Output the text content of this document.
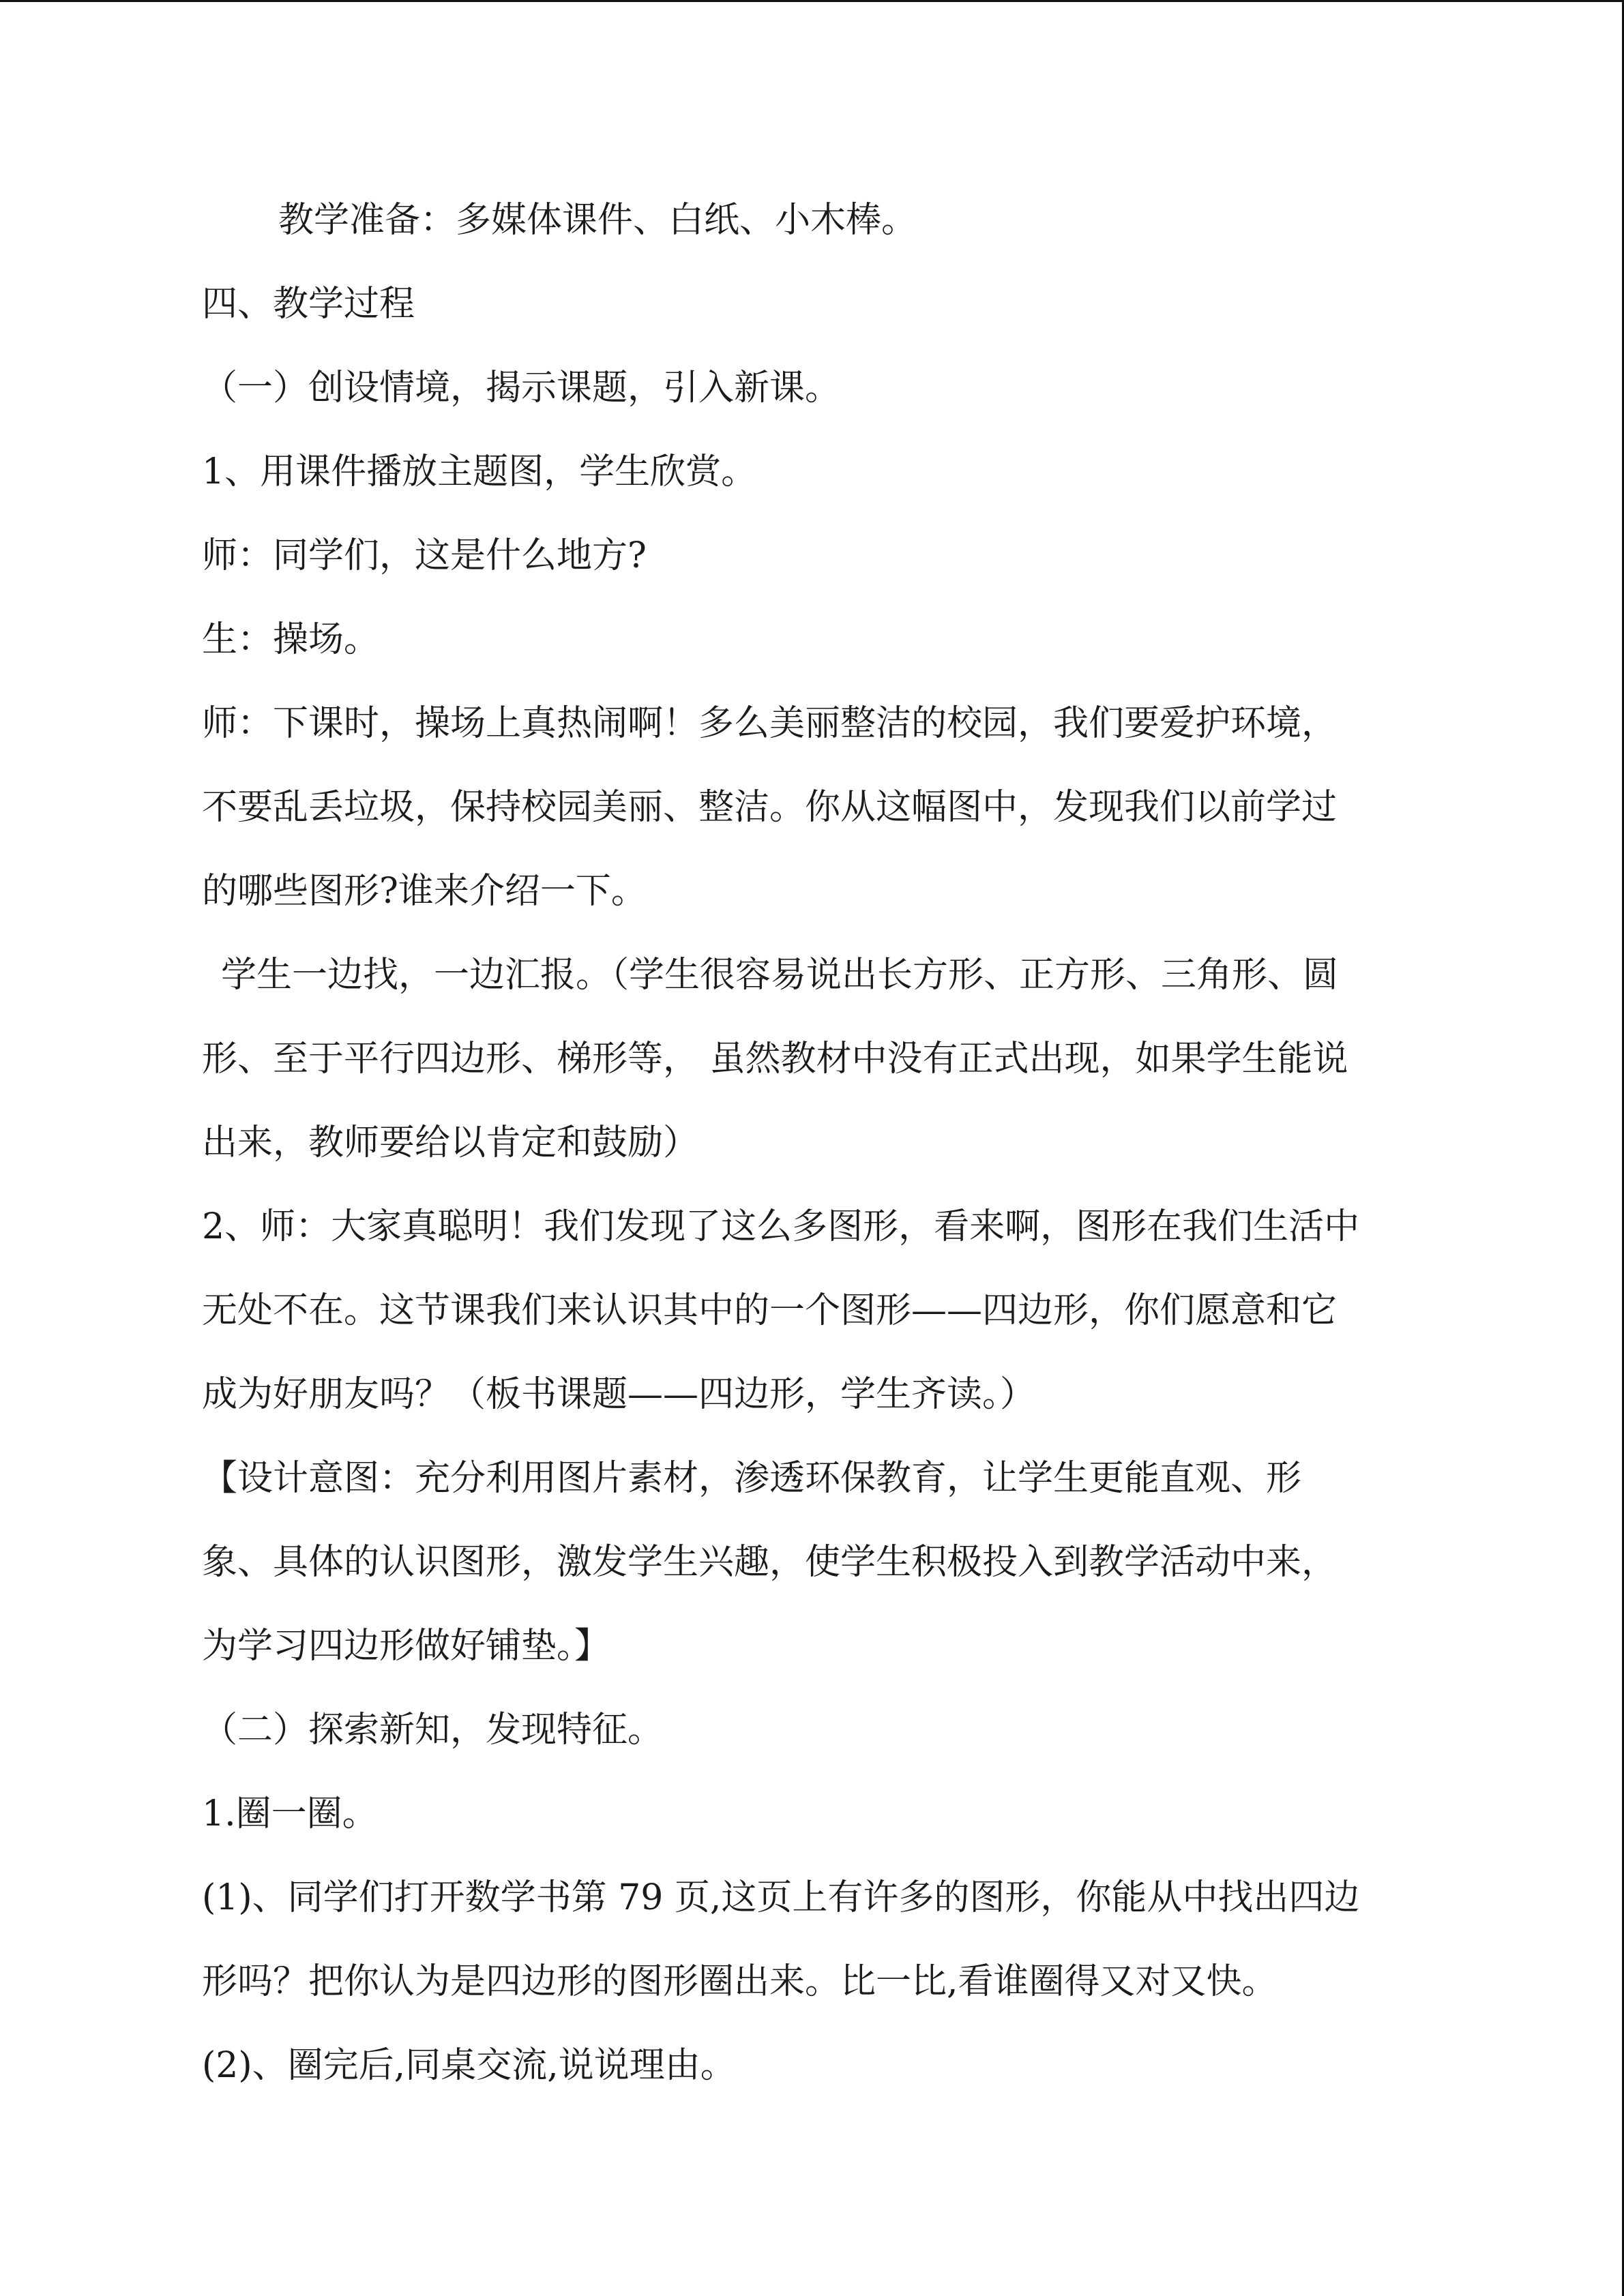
教学准备：多媒体课件、白纸、小木棒。
四、教学过程
（一）创设情境，揭示课题，引入新课。
1、用课件播放主题图，学生欣赏。
师：同学们，这是什么地方?
生：操场。
师：下课时，操场上真热闹啊！多么美丽整洁的校园，我们要爱护环境，
不要乱丢垃圾，保持校园美丽、整洁。你从这幅图中，发现我们以前学过
的哪些图形?谁来介绍一下。
学生一边找，一边汇报。（学生很容易说出长方形、正方形、三角形、圆
形、至于平行四边形、梯形等， 虽然教材中没有正式出现，如果学生能说
出来，教师要给以肯定和鼓励）
2、师：大家真聪明！我们发现了这么多图形，看来啊，图形在我们生活中
无处不在。这节课我们来认识其中的一个图形——四边形，你们愿意和它
成为好朋友吗？（板书课题——四边形，学生齐读。）
【设计意图：充分利用图片素材，渗透环保教育，让学生更能直观、形
象、具体的认识图形，激发学生兴趣，使学生积极投入到教学活动中来，
为学习四边形做好铺垫。】
（二）探索新知，发现特征。
1.圈一圈。
(1)、同学们打开数学书第 79 页,这页上有许多的图形，你能从中找出四边
形吗？把你认为是四边形的图形圈出来。比一比,看谁圈得又对又快。
(2)、圈完后,同桌交流,说说理由。
